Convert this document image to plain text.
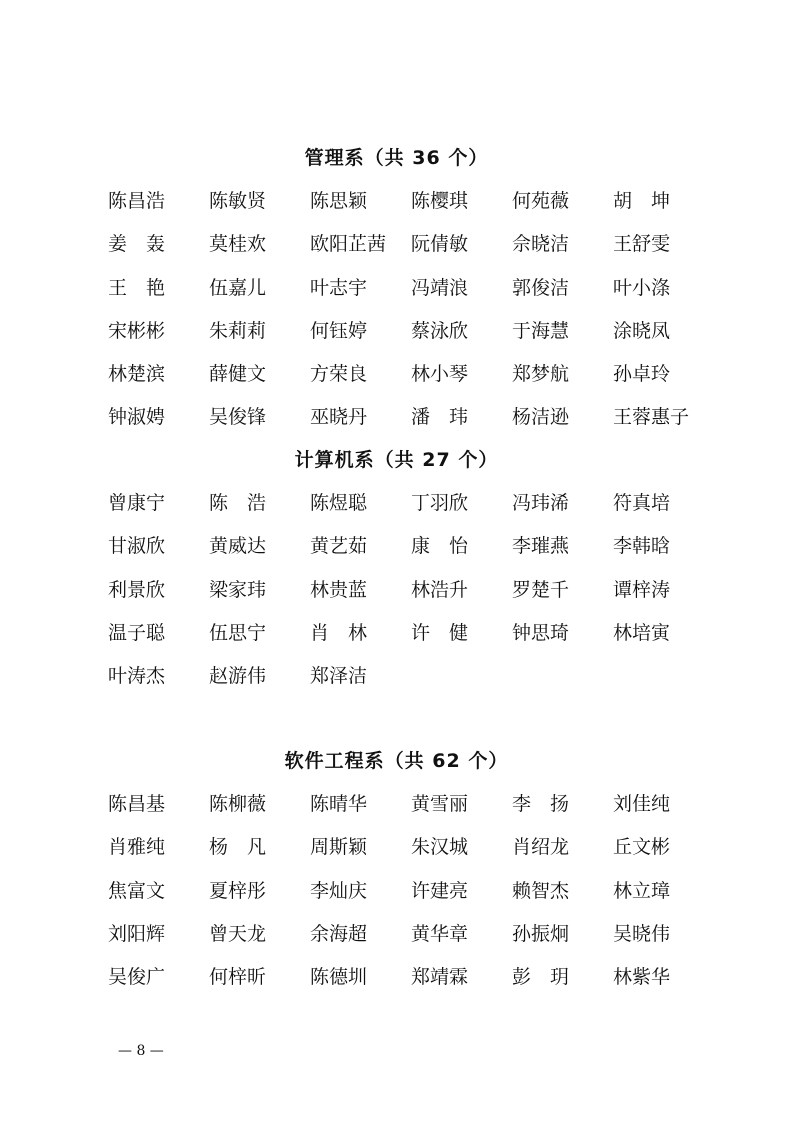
管理系（共 36 个）
陈昌浩	陈敏贤	陈思颖	陈樱琪	何苑薇	胡　坤
姜　轰	莫桂欢	欧阳芷茜	阮倩敏	佘晓洁	王舒雯
王　艳	伍嘉儿	叶志宇	冯靖浪	郭俊洁	叶小涤
宋彬彬	朱莉莉	何钰婷	蔡泳欣	于海慧	涂晓凤
林楚滨	薛健文	方荣良	林小琴	郑梦航	孙卓玲
钟淑娉	吴俊锋	巫晓丹	潘　玮	杨洁逊	王蓉惠子
计算机系（共 27 个）
曾康宁	陈　浩	陈煜聪	丁羽欣	冯玮浠	符真培
甘淑欣	黄威达	黄艺茹	康　怡	李璀燕	李韩晗
利景欣	梁家玮	林贵蓝	林浩升	罗楚千	谭梓涛
温子聪	伍思宁	肖　林	许　健	钟思琦	林培寅
叶涛杰	赵游伟	郑泽洁
软件工程系（共 62 个）
陈昌基	陈柳薇	陈晴华	黄雪丽	李　扬	刘佳纯
肖雅纯	杨　凡	周斯颖	朱汉城	肖绍龙	丘文彬
焦富文	夏梓彤	李灿庆	许建亮	赖智杰	林立璋
刘阳辉	曾天龙	余海超	黄华章	孙振炯	吴晓伟
吴俊广	何梓昕	陈德圳	郑靖霖	彭　玥	林紫华
— 8 —
